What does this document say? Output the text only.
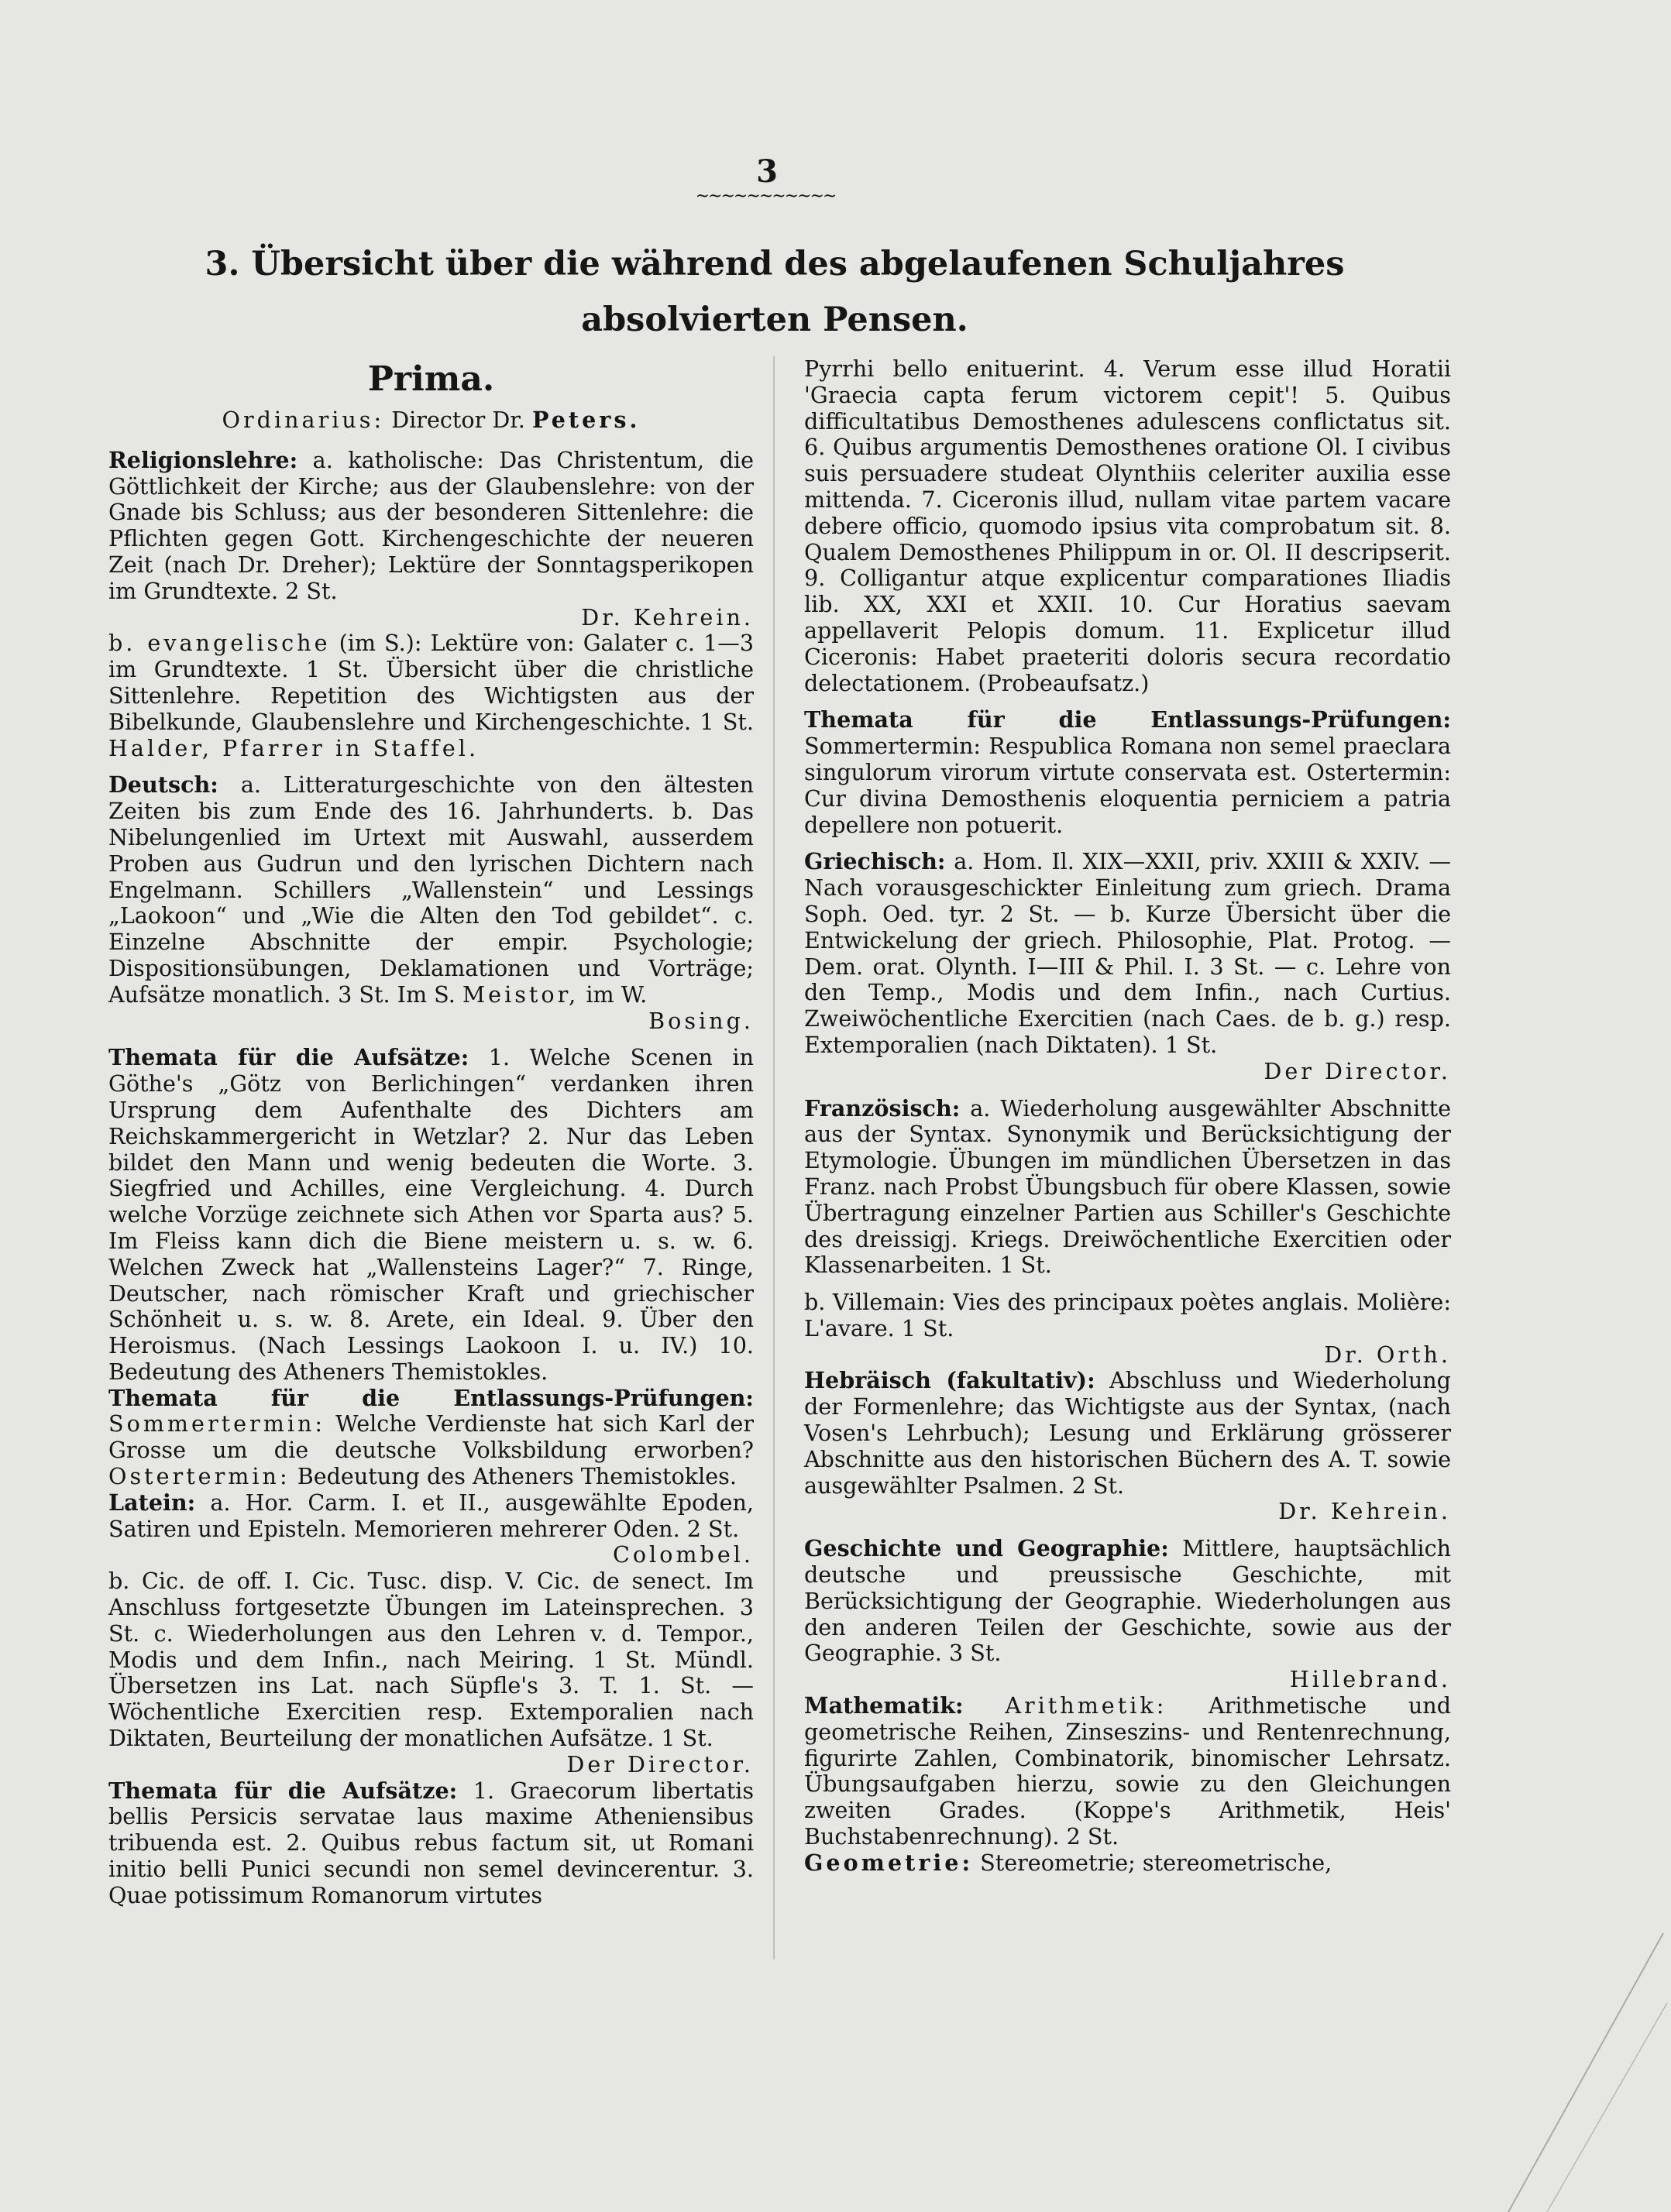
3
~~~~~~~~~~~
3. Übersicht über die während des abgelaufenen Schuljahres
absolvierten Pensen.
Prima.
Ordinarius: Director Dr. Peters.

Religionslehre: a. katholische: Das Christentum, die Göttlichkeit der Kirche; aus der Glaubenslehre: von der Gnade bis Schluss; aus der besonderen Sittenlehre: die Pflichten gegen Gott. Kirchengeschichte der neueren Zeit (nach Dr. Dreher); Lektüre der Sonntagsperikopen im Grundtexte. 2 St.
Dr. Kehrein.

b. evangelische (im S.): Lektüre von: Galater c. 1—3 im Grundtexte. 1 St. Übersicht über die christliche Sittenlehre. Repetition des Wichtigsten aus der Bibelkunde, Glaubenslehre und Kirchengeschichte. 1 St. Halder, Pfarrer in Staffel.

Deutsch: a. Litteraturgeschichte von den ältesten Zeiten bis zum Ende des 16. Jahrhunderts. b. Das Nibelungenlied im Urtext mit Auswahl, ausserdem Proben aus Gudrun und den lyrischen Dichtern nach Engelmann. Schillers „Wallenstein“ und Lessings „Laokoon“ und „Wie die Alten den Tod gebildet“. c. Einzelne Abschnitte der empir. Psychologie; Dispositionsübungen, Deklamationen und Vorträge; Aufsätze monatlich. 3 St. Im S. Meistor, im W.
Bosing.

Themata für die Aufsätze: 1. Welche Scenen in Göthe's „Götz von Berlichingen“ verdanken ihren Ursprung dem Aufenthalte des Dichters am Reichskammergericht in Wetzlar? 2. Nur das Leben bildet den Mann und wenig bedeuten die Worte. 3. Siegfried und Achilles, eine Vergleichung. 4. Durch welche Vorzüge zeichnete sich Athen vor Sparta aus? 5. Im Fleiss kann dich die Biene meistern u. s. w. 6. Welchen Zweck hat „Wallensteins Lager?“ 7. Ringe, Deutscher, nach römischer Kraft und griechischer Schönheit u. s. w. 8. Arete, ein Ideal. 9. Über den Heroismus. (Nach Lessings Laokoon I. u. IV.) 10. Bedeutung des Atheners Themistokles.

Themata für die Entlassungs-Prüfungen: Sommertermin: Welche Verdienste hat sich Karl der Grosse um die deutsche Volksbildung erworben? Ostertermin: Bedeutung des Atheners Themistokles.

Latein: a. Hor. Carm. I. et II., ausgewählte Epoden, Satiren und Episteln. Memorieren mehrerer Oden. 2 St.
Colombel.

b. Cic. de off. I. Cic. Tusc. disp. V. Cic. de senect. Im Anschluss fortgesetzte Übungen im Lateinsprechen. 3 St. c. Wiederholungen aus den Lehren v. d. Tempor., Modis und dem Infin., nach Meiring. 1 St. Mündl. Übersetzen ins Lat. nach Süpfle's 3. T. 1. St. — Wöchentliche Exercitien resp. Extemporalien nach Diktaten, Beurteilung der monatlichen Aufsätze. 1 St.
Der Director.

Themata für die Aufsätze: 1. Graecorum libertatis bellis Persicis servatae laus maxime Atheniensibus tribuenda est. 2. Quibus rebus factum sit, ut Romani initio belli Punici secundi non semel devincerentur. 3. Quae potissimum Romanorum virtutes

Pyrrhi bello enituerint. 4. Verum esse illud Horatii 'Graecia capta ferum victorem cepit'! 5. Quibus difficultatibus Demosthenes adulescens conflictatus sit. 6. Quibus argumentis Demosthenes oratione Ol. I civibus suis persuadere studeat Olynthiis celeriter auxilia esse mittenda. 7. Ciceronis illud, nullam vitae partem vacare debere officio, quomodo ipsius vita comprobatum sit. 8. Qualem Demosthenes Philippum in or. Ol. II descripserit. 9. Colligantur atque explicentur comparationes Iliadis lib. XX, XXI et XXII. 10. Cur Horatius saevam appellaverit Pelopis domum. 11. Explicetur illud Ciceronis: Habet praeteriti doloris secura recordatio delectationem. (Probeaufsatz.)

Themata für die Entlassungs-Prüfungen: Sommertermin: Respublica Romana non semel praeclara singulorum virorum virtute conservata est. Ostertermin: Cur divina Demosthenis eloquentia perniciem a patria depellere non potuerit.

Griechisch: a. Hom. Il. XIX—XXII, priv. XXIII & XXIV. — Nach vorausgeschickter Einleitung zum griech. Drama Soph. Oed. tyr. 2 St. — b. Kurze Übersicht über die Entwickelung der griech. Philosophie, Plat. Protog. — Dem. orat. Olynth. I—III & Phil. I. 3 St. — c. Lehre von den Temp., Modis und dem Infin., nach Curtius. Zweiwöchentliche Exercitien (nach Caes. de b. g.) resp. Extemporalien (nach Diktaten). 1 St.
Der Director.

Französisch: a. Wiederholung ausgewählter Abschnitte aus der Syntax. Synonymik und Berücksichtigung der Etymologie. Übungen im mündlichen Übersetzen in das Franz. nach Probst Übungsbuch für obere Klassen, sowie Übertragung einzelner Partien aus Schiller's Geschichte des dreissigj. Kriegs. Dreiwöchentliche Exercitien oder Klassenarbeiten. 1 St.

b. Villemain: Vies des principaux poètes anglais. Molière: L'avare. 1 St.
Dr. Orth.

Hebräisch (fakultativ): Abschluss und Wiederholung der Formenlehre; das Wichtigste aus der Syntax, (nach Vosen's Lehrbuch); Lesung und Erklärung grösserer Abschnitte aus den historischen Büchern des A. T. sowie ausgewählter Psalmen. 2 St.
Dr. Kehrein.

Geschichte und Geographie: Mittlere, hauptsächlich deutsche und preussische Geschichte, mit Berücksichtigung der Geographie. Wiederholungen aus den anderen Teilen der Geschichte, sowie aus der Geographie. 3 St.
Hillebrand.

Mathematik: Arithmetik: Arithmetische und geometrische Reihen, Zinseszins- und Rentenrechnung, figurirte Zahlen, Combinatorik, binomischer Lehrsatz. Übungsaufgaben hierzu, sowie zu den Gleichungen zweiten Grades. (Koppe's Arithmetik, Heis' Buchstabenrechnung). 2 St.

Geometrie: Stereometrie; stereometrische,
